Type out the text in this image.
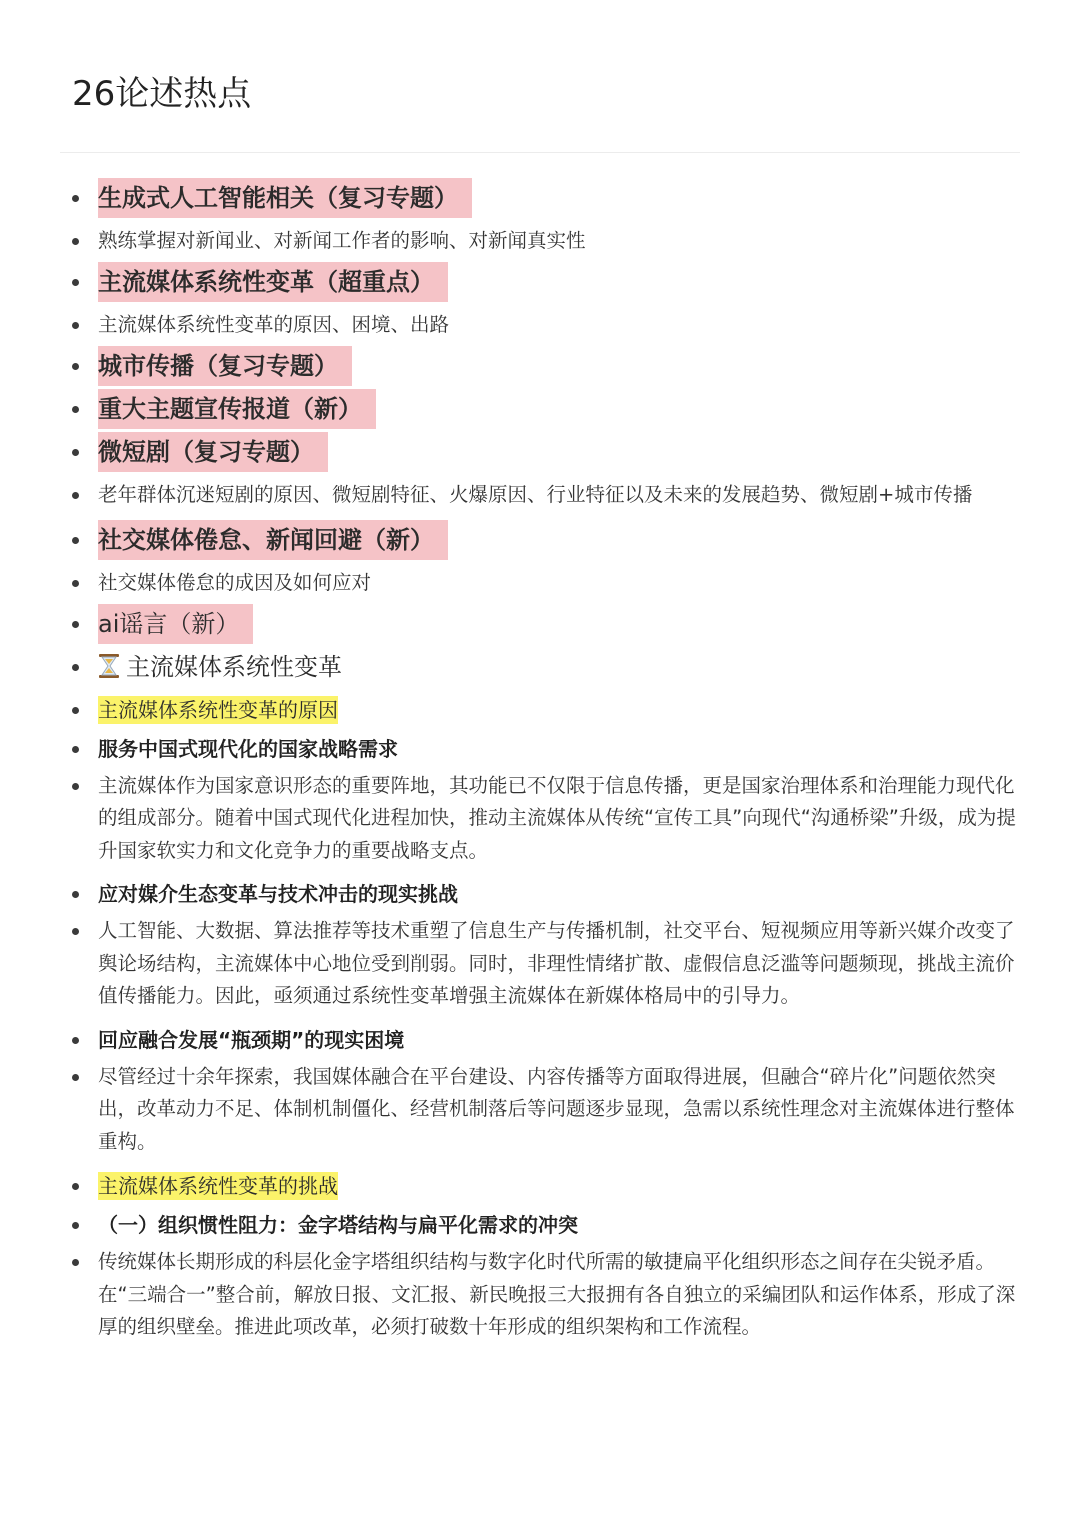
26论述热点
生成式人工智能相关（复习专题）
熟练掌握对新闻业、对新闻工作者的影响、对新闻真实性
主流媒体系统性变革（超重点）
主流媒体系统性变革的原因、困境、出路
城市传播（复习专题）
重大主题宣传报道（新）
微短剧（复习专题）
老年群体沉迷短剧的原因、微短剧特征、火爆原因、行业特征以及未来的发展趋势、微短剧+城市传播
社交媒体倦怠、新闻回避（新）
社交媒体倦怠的成因及如何应对
ai谣言（新）
主流媒体系统性变革
主流媒体系统性变革的原因
服务中国式现代化的国家战略需求
主流媒体作为国家意识形态的重要阵地，其功能已不仅限于信息传播，更是国家治理体系和治理能力现代化的组成部分。随着中国式现代化进程加快，推动主流媒体从传统“宣传工具”向现代“沟通桥梁”升级，成为提升国家软实力和文化竞争力的重要战略支点。
应对媒介生态变革与技术冲击的现实挑战
人工智能、大数据、算法推荐等技术重塑了信息生产与传播机制，社交平台、短视频应用等新兴媒介改变了舆论场结构，主流媒体中心地位受到削弱。同时，非理性情绪扩散、虚假信息泛滥等问题频现，挑战主流价值传播能力。因此，亟须通过系统性变革增强主流媒体在新媒体格局中的引导力。
回应融合发展“瓶颈期”的现实困境
尽管经过十余年探索，我国媒体融合在平台建设、内容传播等方面取得进展，但融合“碎片化”问题依然突出，改革动力不足、体制机制僵化、经营机制落后等问题逐步显现，急需以系统性理念对主流媒体进行整体重构。
主流媒体系统性变革的挑战
（一）组织惯性阻力：金字塔结构与扁平化需求的冲突
传统媒体长期形成的科层化金字塔组织结构与数字化时代所需的敏捷扁平化组织形态之间存在尖锐矛盾。在“三端合一”整合前，解放日报、文汇报、新民晚报三大报拥有各自独立的采编团队和运作体系，形成了深厚的组织壁垒。推进此项改革，必须打破数十年形成的组织架构和工作流程。
